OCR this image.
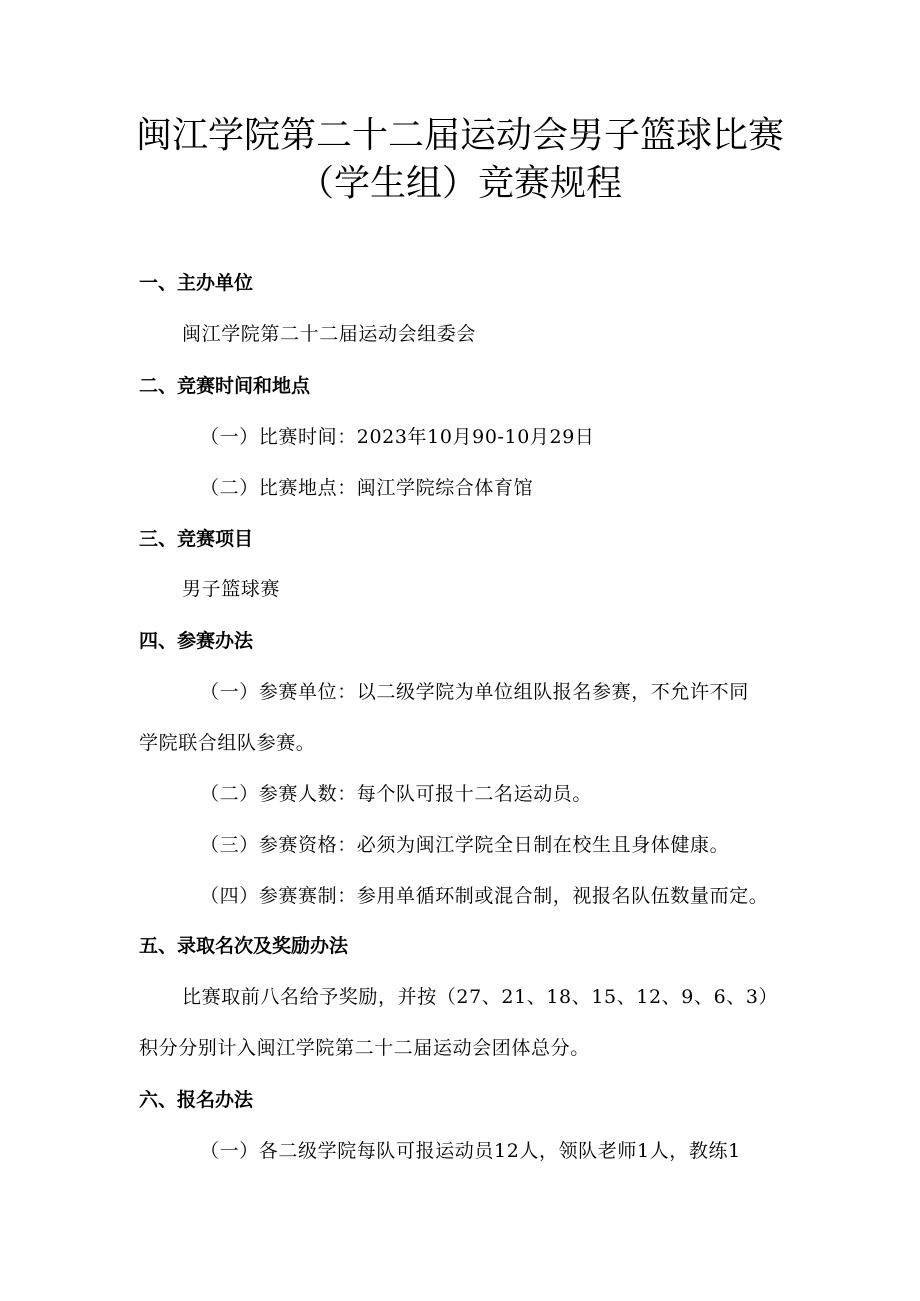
闽江学院第二十二届运动会男子篮球比赛
（学生组）竞赛规程
一、主办单位
闽江学院第二十二届运动会组委会
二、竞赛时间和地点
（一）比赛时间：2023年10月90-10月29日
（二）比赛地点：闽江学院综合体育馆
三、竞赛项目
男子篮球赛
四、参赛办法
（一）参赛单位：以二级学院为单位组队报名参赛，不允许不同
学院联合组队参赛。
（二）参赛人数：每个队可报十二名运动员。
（三）参赛资格：必须为闽江学院全日制在校生且身体健康。
（四）参赛赛制：参用单循环制或混合制，视报名队伍数量而定。
五、录取名次及奖励办法
比赛取前八名给予奖励，并按（27、21、18、15、12、9、6、3）
积分分别计入闽江学院第二十二届运动会团体总分。
六、报名办法
（一）各二级学院每队可报运动员12人，领队老师1人，教练1
